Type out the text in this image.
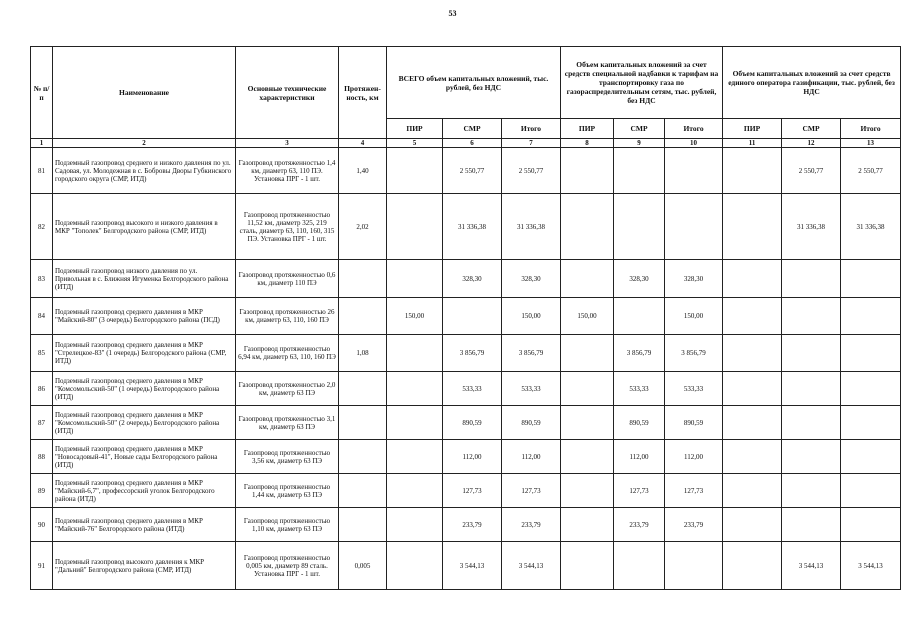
53
№ п/п	Наименование	Основные технические характеристики	Протяжен-ность, км	ВСЕГО объем капитальных вложений, тыс. рублей, без НДС			Объем капитальных вложений за счет средств специальной надбавки к тарифам на транспортировку газа по газораспределительным сетям, тыс. рублей, без НДС			Объем капитальных вложений за счет средств единого оператора газификации, тыс. рублей, без НДС		
				ПИР	СМР	Итого	ПИР	СМР	Итого	ПИР	СМР	Итого
1	2	3	4	5	6	7	8	9	10	11	12	13
81	Подземный газопровод среднего и низкого давления по ул. Садовая, ул. Молодежная в с. Бобровы Дворы Губкинского городского округа (СМР, ИТД)	Газопровод протяженностью 1,4 км, диаметр 63, 110 ПЭ. Установка ПРГ - 1 шт.	1,40		2 550,77	2 550,77					2 550,77	2 550,77
82	Подземный газопровод высокого и низкого давления в МКР "Тополек" Белгородского района (СМР, ИТД)	Газопровод протяженностью 11,52 км, диаметр 325, 219 сталь, диаметр 63, 110, 160, 315 ПЭ. Установка ПРГ - 1 шт.	2,02		31 336,38	31 336,38					31 336,38	31 336,38
83	Подземный газопровод низкого давления по ул. Привольная в с. Ближняя Игуменка Белгородского района (ИТД)	Газопровод протяженностью 0,6 км, диаметр 110 ПЭ			328,30	328,30		328,30	328,30			
84	Подземный газопровод среднего давления в МКР "Майский-80" (3 очередь) Белгородского района (ПСД)	Газопровод протяженностью 26 км, диаметр 63, 110, 160 ПЭ		150,00		150,00	150,00		150,00			
85	Подземный газопровод среднего давления в МКР "Стрелецкое-83" (1 очередь) Белгородского района (СМР, ИТД)	Газопровод протяженностью 6,94 км, диаметр 63, 110, 160 ПЭ	1,08		3 856,79	3 856,79		3 856,79	3 856,79			
86	Подземный газопровод среднего давления в МКР "Комсомольский-50" (1 очередь) Белгородского района (ИТД)	Газопровод протяженностью 2,0 км, диаметр 63 ПЭ			533,33	533,33		533,33	533,33			
87	Подземный газопровод среднего давления в МКР "Комсомольский-50" (2 очередь) Белгородского района (ИТД)	Газопровод протяженностью 3,1 км, диаметр 63 ПЭ			890,59	890,59		890,59	890,59			
88	Подземный газопровод среднего давления в МКР "Новосадовый-41", Новые сады Белгородского района (ИТД)	Газопровод протяженностью 3,56 км, диаметр 63 ПЭ			112,00	112,00		112,00	112,00			
89	Подземный газопровод среднего давления в МКР "Майский-6,7", профессорский уголок Белгородского района (ИТД)	Газопровод протяженностью 1,44 км, диаметр 63 ПЭ			127,73	127,73		127,73	127,73			
90	Подземный газопровод среднего давления в МКР "Майский-76" Белгородского района (ИТД)	Газопровод протяженностью 1,10 км, диаметр 63 ПЭ			233,79	233,79		233,79	233,79			
91	Подземный газопровод высокого давления к МКР "Дальний" Белгородского района (СМР, ИТД)	Газопровод протяженностью 0,005 км, диаметр 89 сталь. Установка ПРГ - 1 шт.	0,005		3 544,13	3 544,13					3 544,13	3 544,13
